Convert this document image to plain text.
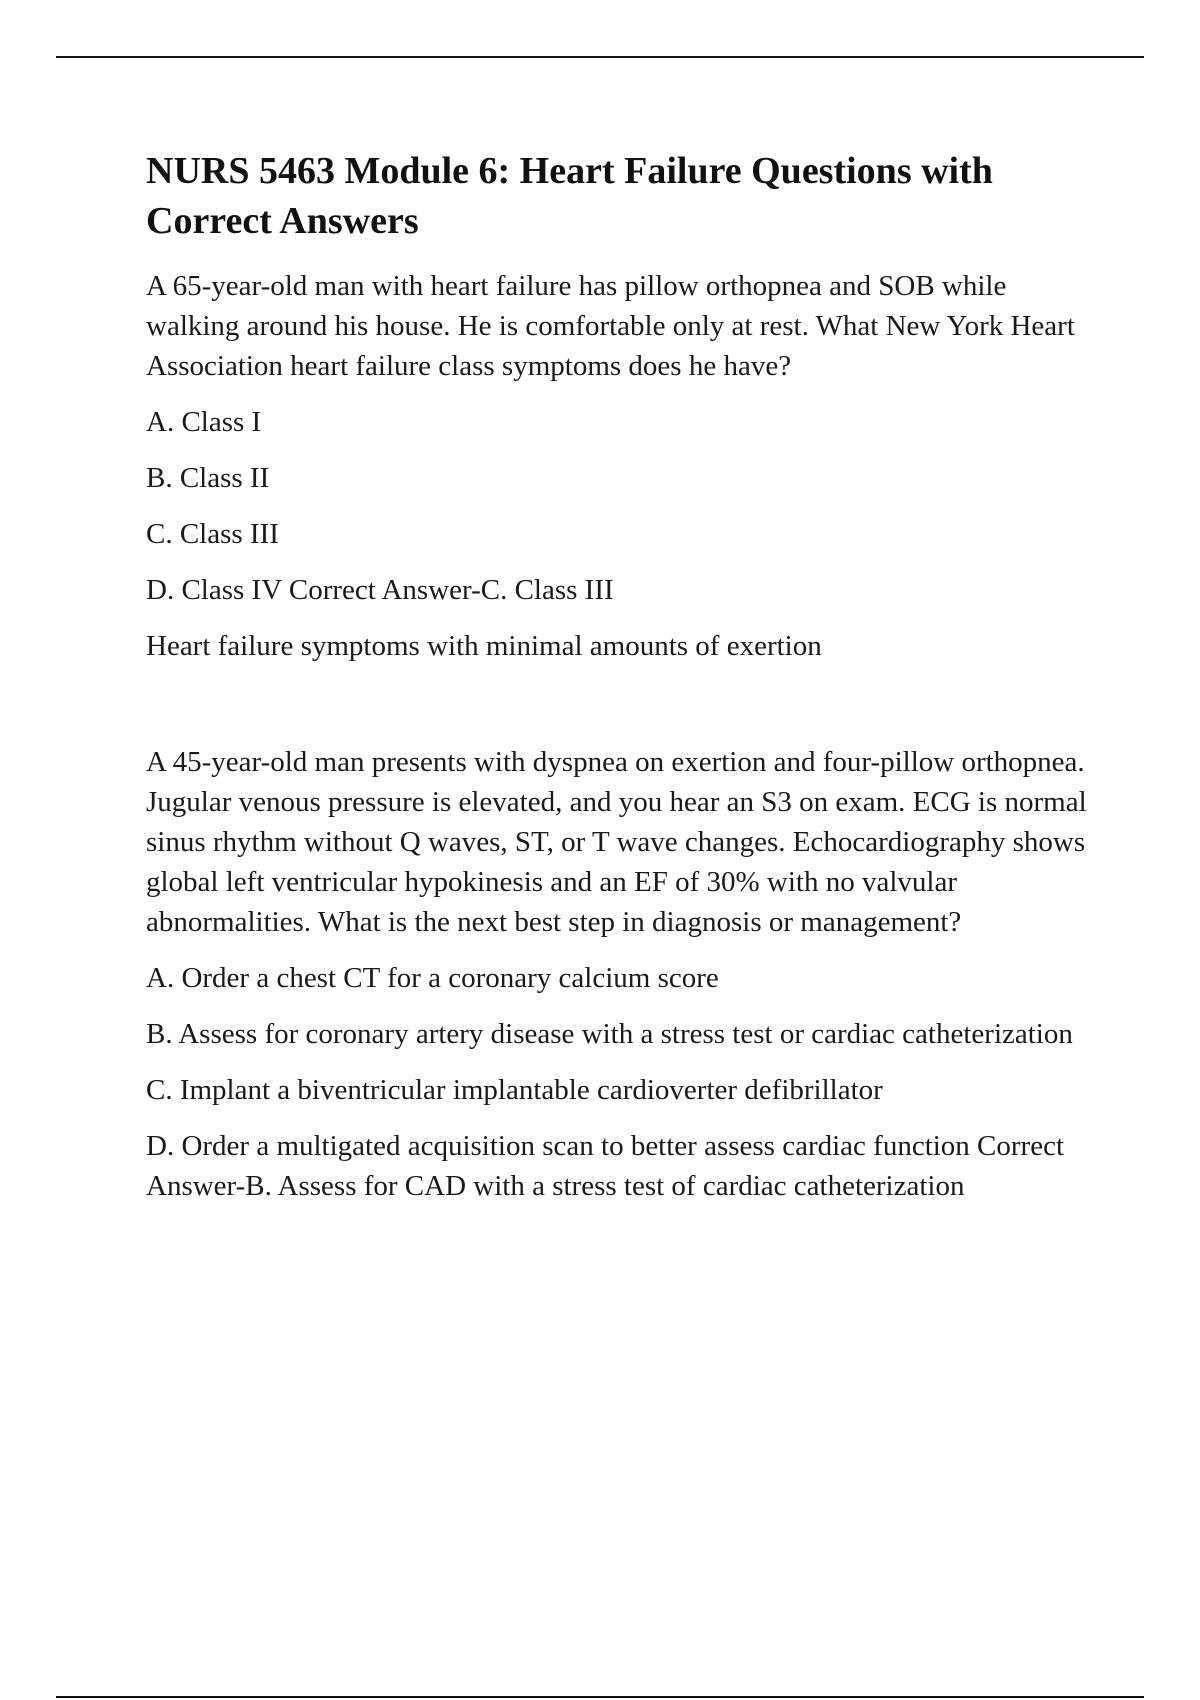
NURS 5463 Module 6: Heart Failure Questions with Correct Answers

A 65-year-old man with heart failure has pillow orthopnea and SOB while walking around his house. He is comfortable only at rest. What New York Heart Association heart failure class symptoms does he have?

A. Class I

B. Class II

C. Class III

D. Class IV Correct Answer-C. Class III

Heart failure symptoms with minimal amounts of exertion

A 45-year-old man presents with dyspnea on exertion and four-pillow orthopnea. Jugular venous pressure is elevated, and you hear an S3 on exam. ECG is normal sinus rhythm without Q waves, ST, or T wave changes. Echocardiography shows global left ventricular hypokinesis and an EF of 30% with no valvular abnormalities. What is the next best step in diagnosis or management?

A. Order a chest CT for a coronary calcium score

B. Assess for coronary artery disease with a stress test or cardiac catheterization

C. Implant a biventricular implantable cardioverter defibrillator

D. Order a multigated acquisition scan to better assess cardiac function Correct Answer-B. Assess for CAD with a stress test of cardiac catheterization
